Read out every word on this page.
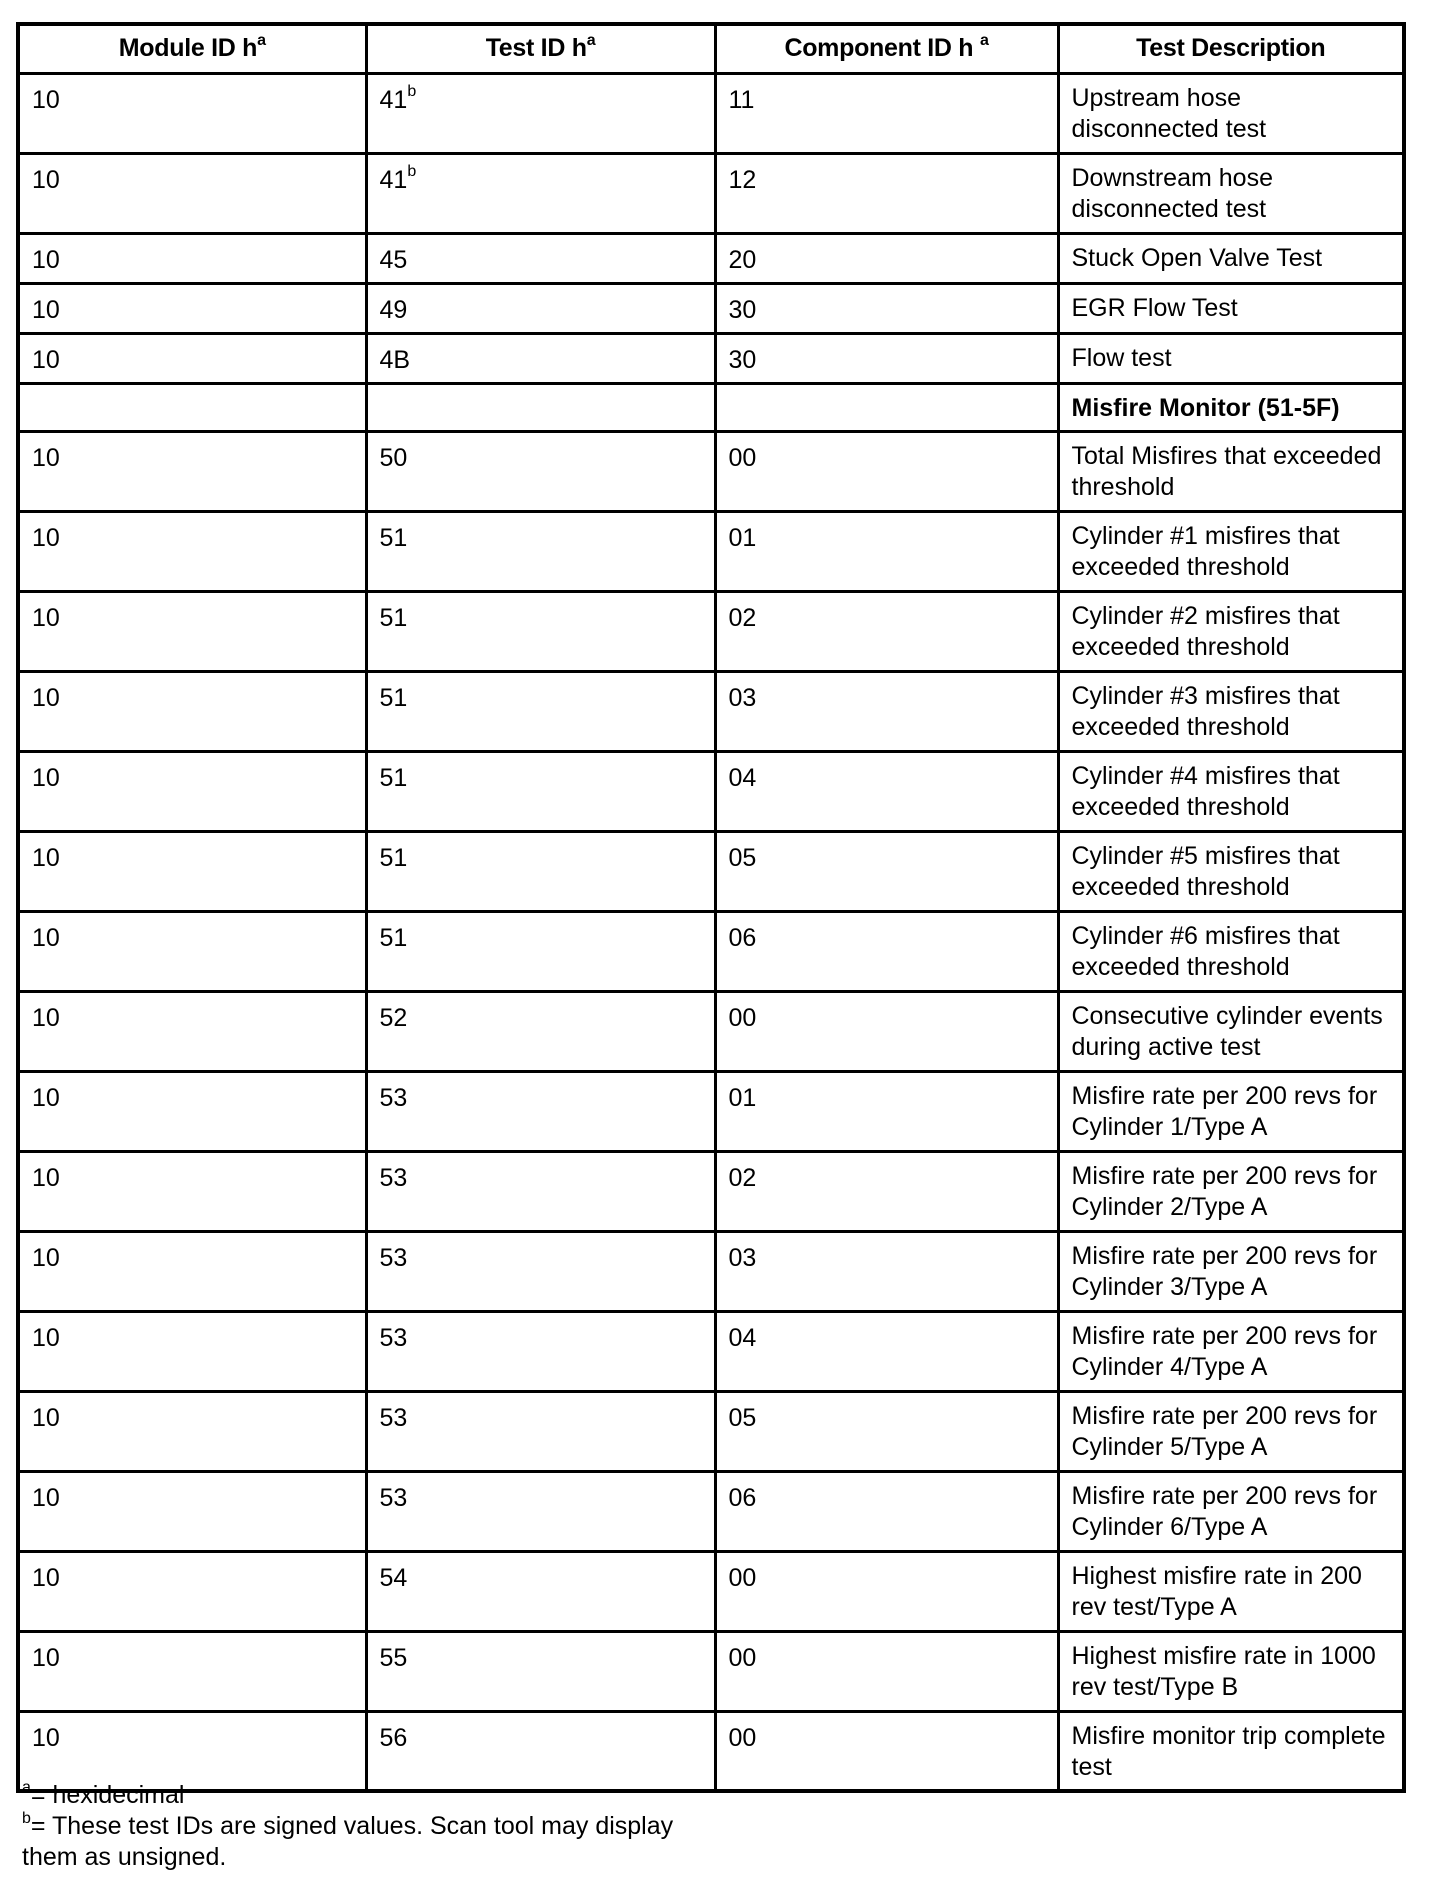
Module ID $h^a$	Test ID $h^a$	Component ID h $^a$	Test Description
10	41$^b$	11	Upstream hose disconnected test
10	41$^b$	12	Downstream hose disconnected test
10	45	20	Stuck Open Valve Test
10	49	30	EGR Flow Test
10	4B	30	Flow test
			Misfire Monitor (51-5F)
10	50	00	Total Misfires that exceeded threshold
10	51	01	Cylinder #1 misfires that exceeded threshold
10	51	02	Cylinder #2 misfires that exceeded threshold
10	51	03	Cylinder #3 misfires that exceeded threshold
10	51	04	Cylinder #4 misfires that exceeded threshold
10	51	05	Cylinder #5 misfires that exceeded threshold
10	51	06	Cylinder #6 misfires that exceeded threshold
10	52	00	Consecutive cylinder events during active test
10	53	01	Misfire rate per 200 revs for Cylinder 1/Type A
10	53	02	Misfire rate per 200 revs for Cylinder 2/Type A
10	53	03	Misfire rate per 200 revs for Cylinder 3/Type A
10	53	04	Misfire rate per 200 revs for Cylinder 4/Type A
10	53	05	Misfire rate per 200 revs for Cylinder 5/Type A
10	53	06	Misfire rate per 200 revs for Cylinder 6/Type A
10	54	00	Highest misfire rate in 200 rev test/Type A
10	55	00	Highest misfire rate in 1000 rev test/Type B
10	56	00	Misfire monitor trip complete test
$^a$= hexidecimal
$^b$= These test IDs are signed values. Scan tool may display them as unsigned.
